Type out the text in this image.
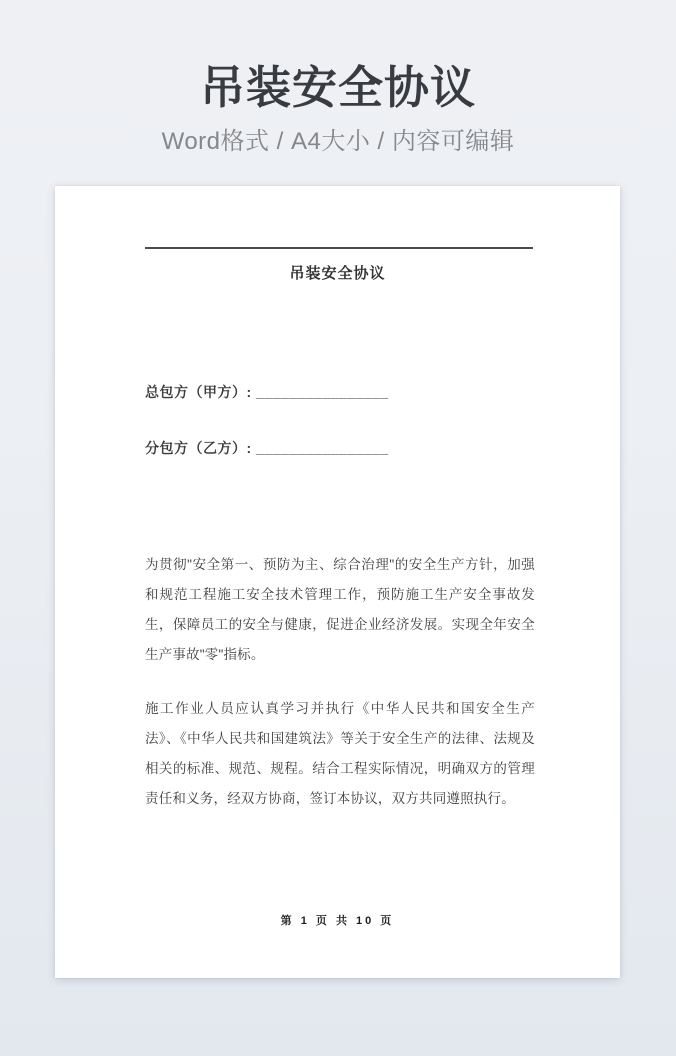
吊装安全协议
Word格式 / A4大小 / 内容可编辑
吊装安全协议
总包方（甲方）: ________________
分包方（乙方）: ________________
为贯彻"安全第一、预防为主、综合治理"的安全生产方针，加强和规范工程施工安全技术管理工作，预防施工生产安全事故发生，保障员工的安全与健康，促进企业经济发展。实现全年安全生产事故"零"指标。
施工作业人员应认真学习并执行《中华人民共和国安全生产法》、《中华人民共和国建筑法》等关于安全生产的法律、法规及相关的标准、规范、规程。结合工程实际情况，明确双方的管理责任和义务，经双方协商，签订本协议，双方共同遵照执行。
第 1 页 共 10 页
